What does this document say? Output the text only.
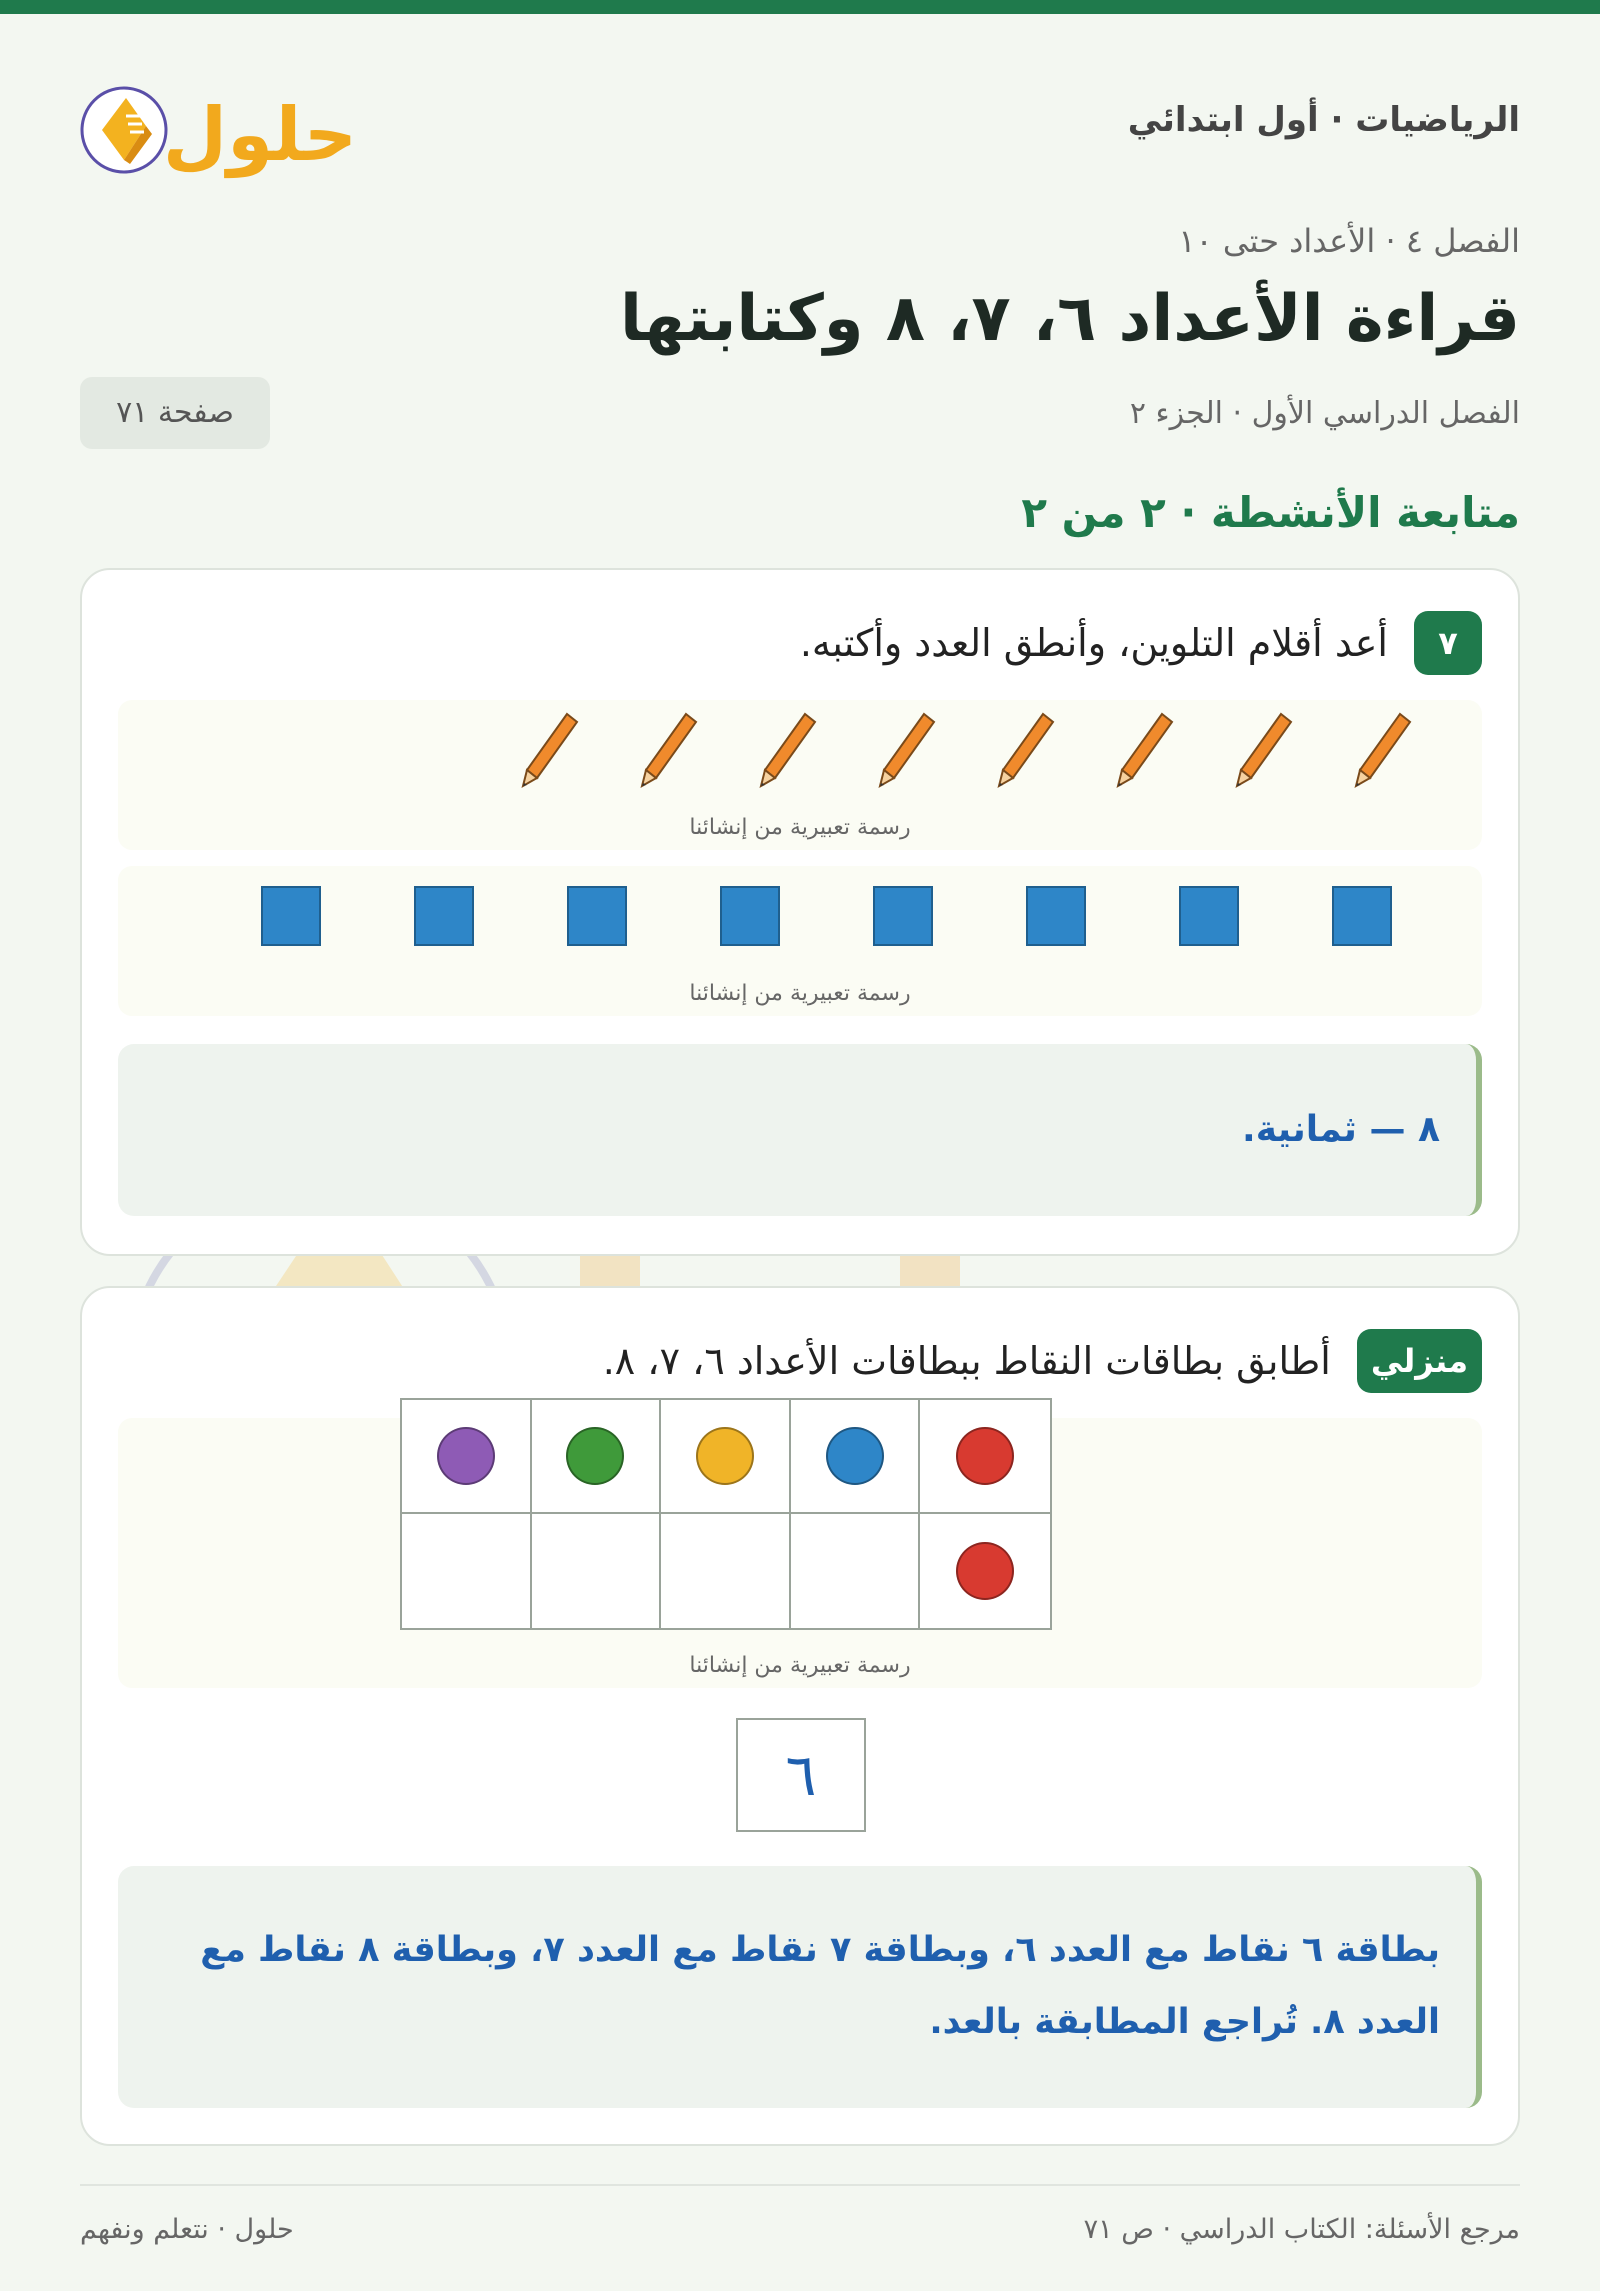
الرياضيات · أول ابتدائي
حلول
الفصل ٤ · الأعداد حتى ١٠
قراءة الأعداد ٦، ٧، ٨ وكتابتها
الفصل الدراسي الأول · الجزء ٢
صفحة ٧١
متابعة الأنشطة · ٢ من ٢
٧
أعد أقلام التلوين، وأنطق العدد وأكتبه.
رسمة تعبيرية من إنشائنا
رسمة تعبيرية من إنشائنا
٨ — ثمانية.
منزلي
أطابق بطاقات النقاط ببطاقات الأعداد ٦، ٧، ٨.
رسمة تعبيرية من إنشائنا
٦
بطاقة ٦ نقاط مع العدد ٦، وبطاقة ٧ نقاط مع العدد ٧، وبطاقة ٨ نقاط مع العدد ٨. تُراجع المطابقة بالعد.
مرجع الأسئلة: الكتاب الدراسي · ص ٧١
حلول · نتعلم ونفهم
